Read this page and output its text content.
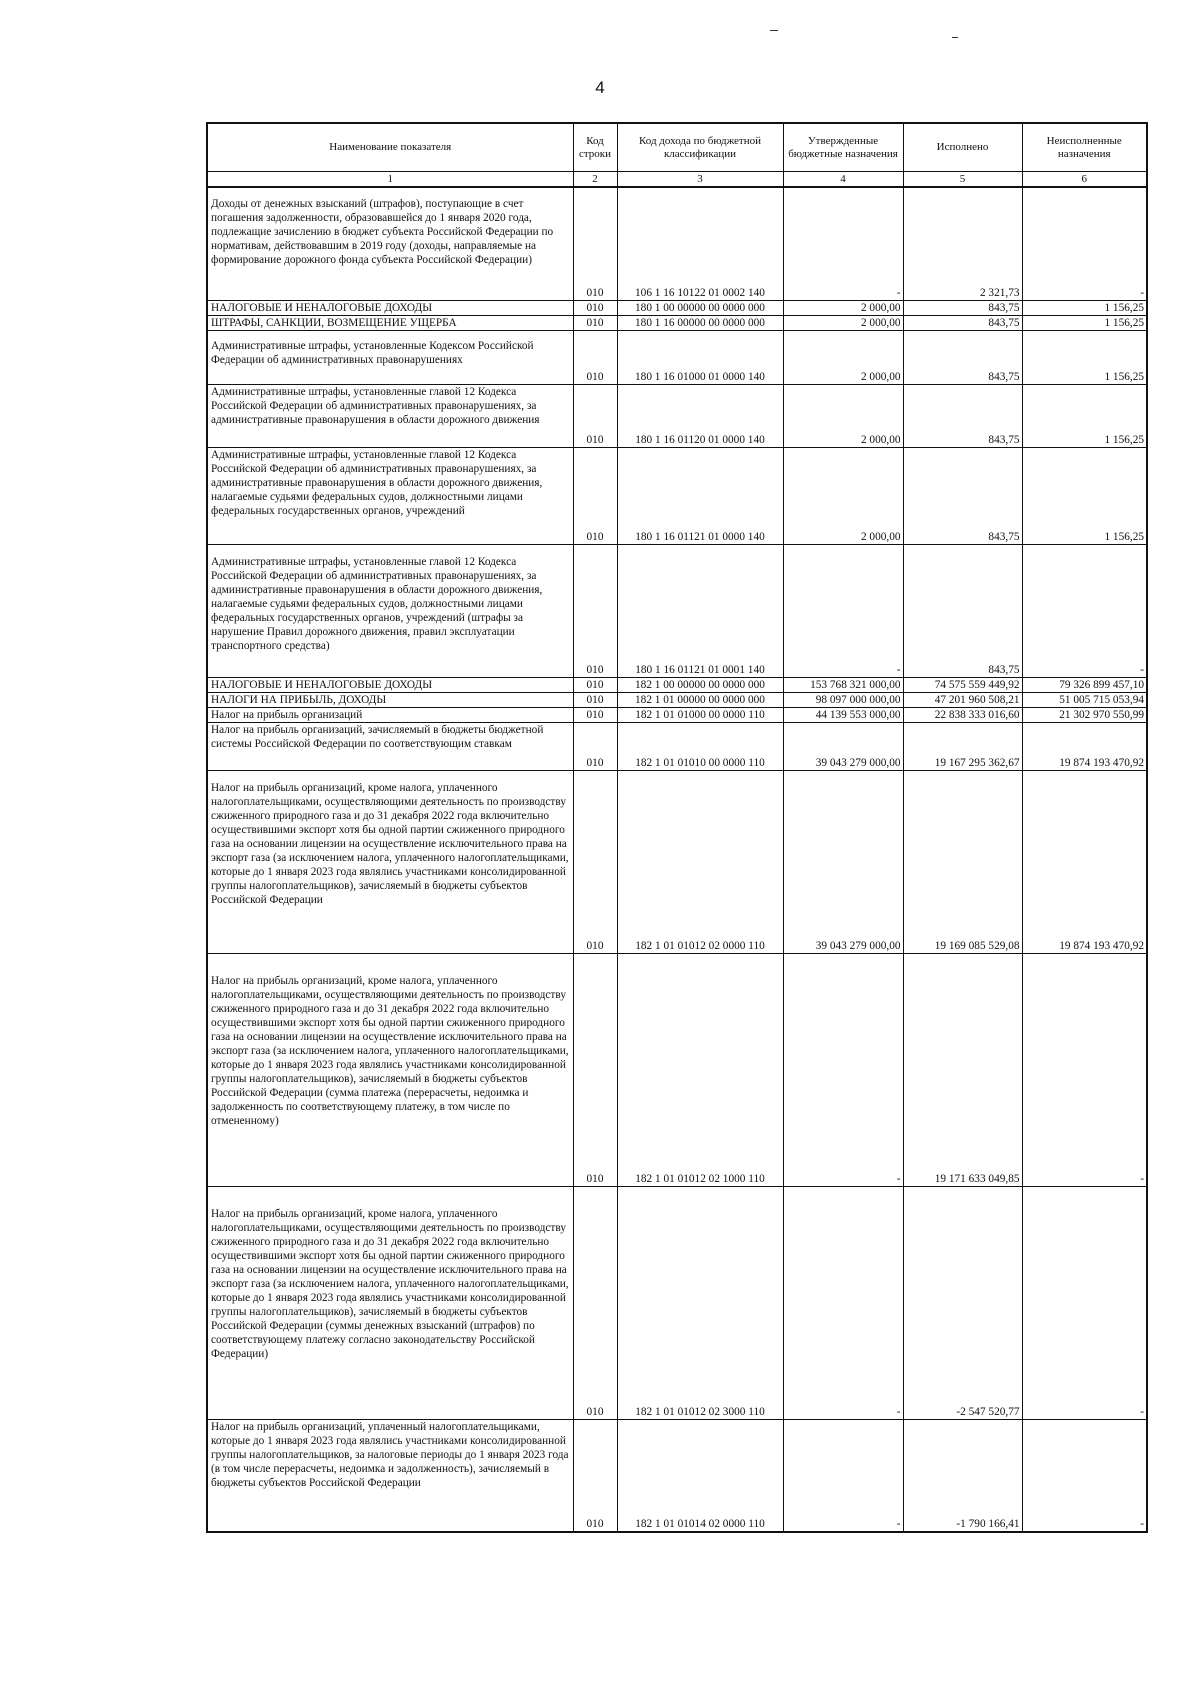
4
Наименование показателя	Код строки	Код дохода по бюджетной классификации	Утвержденные бюджетные назначения	Исполнено	Неисполненные назначения
1	2	3	4	5	6
Доходы от денежных взысканий (штрафов), поступающие в счет погашения задолженности, образовавшейся до 1 января 2020 года, подлежащие зачислению в бюджет субъекта Российской Федерации по нормативам, действовавшим в 2019 году (доходы, направляемые на формирование дорожного фонда субъекта Российской Федерации)	010	106 1 16 10122 01 0002 140	-	2 321,73	-
НАЛОГОВЫЕ И НЕНАЛОГОВЫЕ ДОХОДЫ	010	180 1 00 00000 00 0000 000	2 000,00	843,75	1 156,25
ШТРАФЫ, САНКЦИИ, ВОЗМЕЩЕНИЕ УЩЕРБА	010	180 1 16 00000 00 0000 000	2 000,00	843,75	1 156,25
Административные штрафы, установленные Кодексом Российской Федерации об административных правонарушениях	010	180 1 16 01000 01 0000 140	2 000,00	843,75	1 156,25
Административные штрафы, установленные главой 12 Кодекса Российской Федерации об административных правонарушениях, за административные правонарушения в области дорожного движения	010	180 1 16 01120 01 0000 140	2 000,00	843,75	1 156,25
Административные штрафы, установленные главой 12 Кодекса Российской Федерации об административных правонарушениях, за административные правонарушения в области дорожного движения, налагаемые судьями федеральных судов, должностными лицами федеральных государственных органов, учреждений	010	180 1 16 01121 01 0000 140	2 000,00	843,75	1 156,25
Административные штрафы, установленные главой 12 Кодекса Российской Федерации об административных правонарушениях, за административные правонарушения в области дорожного движения, налагаемые судьями федеральных судов, должностными лицами федеральных государственных органов, учреждений (штрафы за нарушение Правил дорожного движения, правил эксплуатации транспортного средства)	010	180 1 16 01121 01 0001 140	-	843,75	-
НАЛОГОВЫЕ И НЕНАЛОГОВЫЕ ДОХОДЫ	010	182 1 00 00000 00 0000 000	153 768 321 000,00	74 575 559 449,92	79 326 899 457,10
НАЛОГИ НА ПРИБЫЛЬ, ДОХОДЫ	010	182 1 01 00000 00 0000 000	98 097 000 000,00	47 201 960 508,21	51 005 715 053,94
Налог на прибыль организаций	010	182 1 01 01000 00 0000 110	44 139 553 000,00	22 838 333 016,60	21 302 970 550,99
Налог на прибыль организаций, зачисляемый в бюджеты бюджетной системы Российской Федерации по соответствующим ставкам	010	182 1 01 01010 00 0000 110	39 043 279 000,00	19 167 295 362,67	19 874 193 470,92
Налог на прибыль организаций, кроме налога, уплаченного налогоплательщиками, осуществляющими деятельность по производству сжиженного природного газа и до 31 декабря 2022 года включительно осуществившими экспорт хотя бы одной партии сжиженного природного газа на основании лицензии на осуществление исключительного права на экспорт газа (за исключением налога, уплаченного налогоплательщиками, которые до 1 января 2023 года являлись участниками консолидированной группы налогоплательщиков), зачисляемый в бюджеты субъектов Российской Федерации	010	182 1 01 01012 02 0000 110	39 043 279 000,00	19 169 085 529,08	19 874 193 470,92
Налог на прибыль организаций, кроме налога, уплаченного налогоплательщиками, осуществляющими деятельность по производству сжиженного природного газа и до 31 декабря 2022 года включительно осуществившими экспорт хотя бы одной партии сжиженного природного газа на основании лицензии на осуществление исключительного права на экспорт газа (за исключением налога, уплаченного налогоплательщиками, которые до 1 января 2023 года являлись участниками консолидированной группы налогоплательщиков), зачисляемый в бюджеты субъектов Российской Федерации (сумма платежа (перерасчеты, недоимка и задолженность по соответствующему платежу, в том числе по отмененному)	010	182 1 01 01012 02 1000 110	-	19 171 633 049,85	-
Налог на прибыль организаций, кроме налога, уплаченного налогоплательщиками, осуществляющими деятельность по производству сжиженного природного газа и до 31 декабря 2022 года включительно осуществившими экспорт хотя бы одной партии сжиженного природного газа на основании лицензии на осуществление исключительного права на экспорт газа (за исключением налога, уплаченного налогоплательщиками, которые до 1 января 2023 года являлись участниками консолидированной группы налогоплательщиков), зачисляемый в бюджеты субъектов Российской Федерации (суммы денежных взысканий (штрафов) по соответствующему платежу согласно законодательству Российской Федерации)	010	182 1 01 01012 02 3000 110	-	-2 547 520,77	-
Налог на прибыль организаций, уплаченный налогоплательщиками, которые до 1 января 2023 года являлись участниками консолидированной группы налогоплательщиков, за налоговые периоды до 1 января 2023 года (в том числе перерасчеты, недоимка и задолженность), зачисляемый в бюджеты субъектов Российской Федерации	010	182 1 01 01014 02 0000 110	-	-1 790 166,41	-
